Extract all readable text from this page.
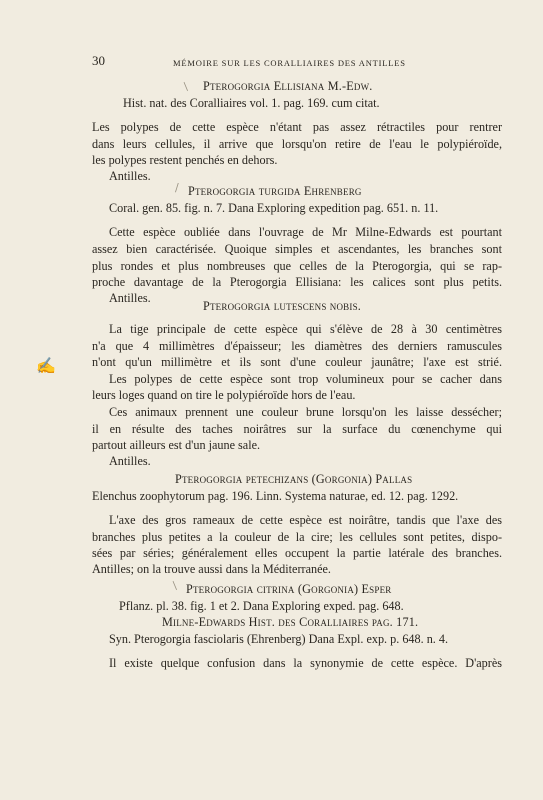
30	MÉMOIRE SUR LES CORALLIAIRES DES ANTILLES
/
/
/
✍
Pterogorgia Ellisiana M.-Edw.
Hist. nat. des Coralliaires vol. 1. pag. 169. cum citat.
Les polypes de cette espèce n'étant pas assez rétractiles pour rentrer
dans leurs cellules, il arrive que lorsqu'on retire de l'eau le polypiéroïde,
les polypes restent penchés en dehors.
Antilles.
Pterogorgia turgida Ehrenberg
Coral. gen. 85. fig. n. 7. Dana Exploring expedition pag. 651. n. 11.
Cette espèce oubliée dans l'ouvrage de Mr Milne-Edwards est pourtant
assez bien caractérisée. Quoique simples et ascendantes, les branches sont
plus rondes et plus nombreuses que celles de la Pterogorgia, qui se rap-
proche davantage de la Pterogorgia Ellisiana: les calices sont plus petits.
Antilles.
Pterogorgia lutescens nobis.
La tige principale de cette espèce qui s'élève de 28 à 30 centimètres
n'a que 4 millimètres d'épaisseur; les diamètres des derniers ramuscules
n'ont qu'un millimètre et ils sont d'une couleur jaunâtre; l'axe est strié.
Les polypes de cette espèce sont trop volumineux pour se cacher dans
leurs loges quand on tire le polypiéroïde hors de l'eau.
Ces animaux prennent une couleur brune lorsqu'on les laisse dessécher;
il en résulte des taches noirâtres sur la surface du cœnenchyme qui
partout ailleurs est d'un jaune sale.
Antilles.
Pterogorgia petechizans (Gorgonia) Pallas
Elenchus zoophytorum pag. 196. Linn. Systema naturae, ed. 12. pag. 1292.
L'axe des gros rameaux de cette espèce est noirâtre, tandis que l'axe des
branches plus petites a la couleur de la cire; les cellules sont petites, dispo-
sées par séries; généralement elles occupent la partie latérale des branches.
Antilles; on la trouve aussi dans la Méditerranée.
Pterogorgia citrina (Gorgonia) Esper
Pflanz. pl. 38. fig. 1 et 2. Dana Exploring exped. pag. 648.
Milne-Edwards Hist. des Coralliaires pag. 171.
Syn. Pterogorgia fasciolaris (Ehrenberg) Dana Expl. exp. p. 648. n. 4.
Il existe quelque confusion dans la synonymie de cette espèce. D'après
